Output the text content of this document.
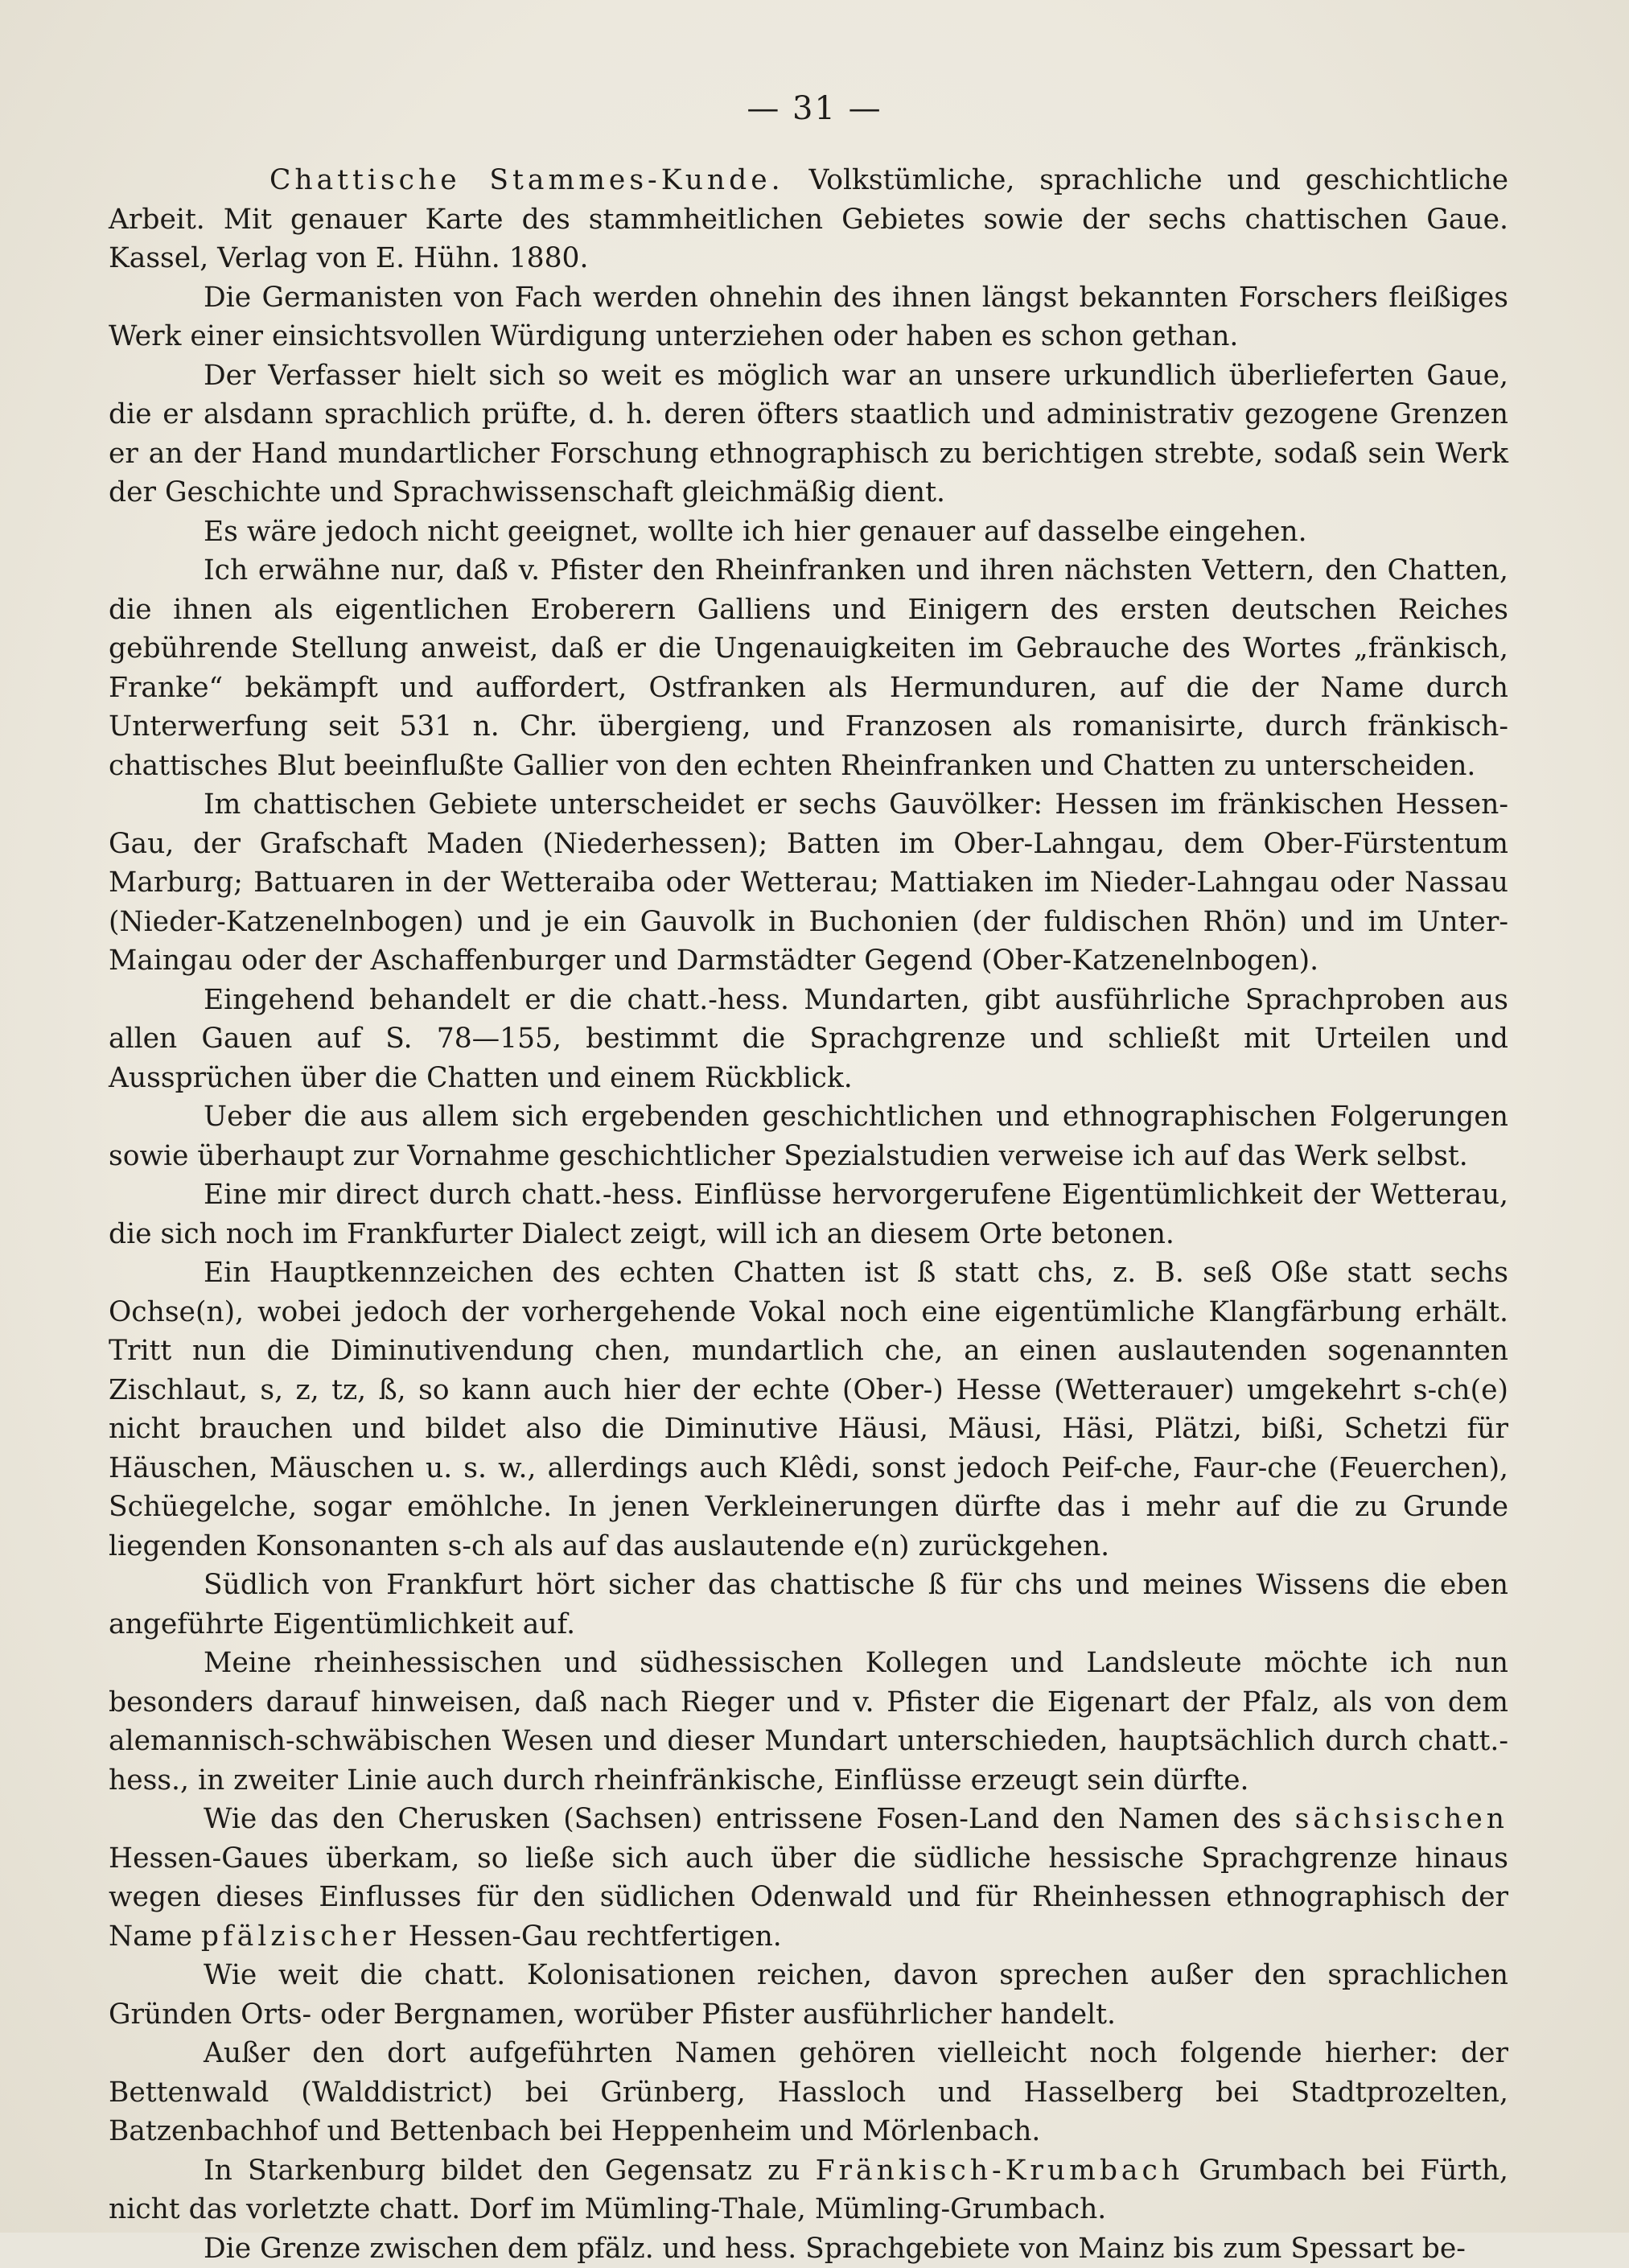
— 31 —

Chattische Stammes-Kunde. Volkstümliche, sprachliche und geschichtliche Arbeit. Mit genauer Karte des stammheitlichen Gebietes sowie der sechs chattischen Gaue. Kassel, Verlag von E. Hühn. 1880.

Die Germanisten von Fach werden ohnehin des ihnen längst bekannten Forschers fleißiges Werk einer einsichtsvollen Würdigung unterziehen oder haben es schon gethan.

Der Verfasser hielt sich so weit es möglich war an unsere urkundlich überlieferten Gaue, die er alsdann sprachlich prüfte, d. h. deren öfters staatlich und administrativ gezogene Grenzen er an der Hand mundartlicher Forschung ethnographisch zu berichtigen strebte, sodaß sein Werk der Geschichte und Sprachwissenschaft gleichmäßig dient.

Es wäre jedoch nicht geeignet, wollte ich hier genauer auf dasselbe eingehen.

Ich erwähne nur, daß v. Pfister den Rheinfranken und ihren nächsten Vettern, den Chatten, die ihnen als eigentlichen Eroberern Galliens und Einigern des ersten deutschen Reiches gebührende Stellung anweist, daß er die Ungenauigkeiten im Gebrauche des Wortes „fränkisch, Franke“ bekämpft und auffordert, Ostfranken als Hermunduren, auf die der Name durch Unterwerfung seit 531 n. Chr. übergieng, und Franzosen als romanisirte, durch fränkisch-chattisches Blut beeinflußte Gallier von den echten Rheinfranken und Chatten zu unterscheiden.

Im chattischen Gebiete unterscheidet er sechs Gauvölker: Hessen im fränkischen Hessen-Gau, der Grafschaft Maden (Niederhessen); Batten im Ober-Lahngau, dem Ober-Fürstentum Marburg; Battuaren in der Wetteraiba oder Wetterau; Mattiaken im Nieder-Lahngau oder Nassau (Nieder-Katzenelnbogen) und je ein Gauvolk in Buchonien (der fuldischen Rhön) und im Unter-Maingau oder der Aschaffenburger und Darmstädter Gegend (Ober-Katzenelnbogen).

Eingehend behandelt er die chatt.-hess. Mundarten, gibt ausführliche Sprachproben aus allen Gauen auf S. 78—155, bestimmt die Sprachgrenze und schließt mit Urteilen und Aussprüchen über die Chatten und einem Rückblick.

Ueber die aus allem sich ergebenden geschichtlichen und ethnographischen Folgerungen sowie überhaupt zur Vornahme geschichtlicher Spezialstudien verweise ich auf das Werk selbst.

Eine mir direct durch chatt.-hess. Einflüsse hervorgerufene Eigentümlichkeit der Wetterau, die sich noch im Frankfurter Dialect zeigt, will ich an diesem Orte betonen.

Ein Hauptkennzeichen des echten Chatten ist ß statt chs, z. B. seß Oße statt sechs Ochse(n), wobei jedoch der vorhergehende Vokal noch eine eigentümliche Klangfärbung erhält. Tritt nun die Diminutivendung chen, mundartlich che, an einen auslautenden sogenannten Zischlaut, s, z, tz, ß, so kann auch hier der echte (Ober-) Hesse (Wetterauer) umgekehrt s-ch(e) nicht brauchen und bildet also die Diminutive Häusi, Mäusi, Häsi, Plätzi, bißi, Schetzi für Häuschen, Mäuschen u. s. w., allerdings auch Klêdi, sonst jedoch Peif-che, Faur-che (Feuerchen), Schüegelche, sogar emöhlche. In jenen Verkleinerungen dürfte das i mehr auf die zu Grunde liegenden Konsonanten s-ch als auf das auslautende e(n) zurückgehen.

Südlich von Frankfurt hört sicher das chattische ß für chs und meines Wissens die eben angeführte Eigentümlichkeit auf.

Meine rheinhessischen und südhessischen Kollegen und Landsleute möchte ich nun besonders darauf hinweisen, daß nach Rieger und v. Pfister die Eigenart der Pfalz, als von dem alemannisch-schwäbischen Wesen und dieser Mundart unterschieden, hauptsächlich durch chatt.-hess., in zweiter Linie auch durch rheinfränkische, Einflüsse erzeugt sein dürfte.

Wie das den Cherusken (Sachsen) entrissene Fosen-Land den Namen des sächsischen Hessen-Gaues überkam, so ließe sich auch über die südliche hessische Sprachgrenze hinaus wegen dieses Einflusses für den südlichen Odenwald und für Rheinhessen ethnographisch der Name pfälzischer Hessen-Gau rechtfertigen.

Wie weit die chatt. Kolonisationen reichen, davon sprechen außer den sprachlichen Gründen Orts- oder Bergnamen, worüber Pfister ausführlicher handelt.

Außer den dort aufgeführten Namen gehören vielleicht noch folgende hierher: der Bettenwald (Walddistrict) bei Grünberg, Hassloch und Hasselberg bei Stadtprozelten, Batzenbachhof und Bettenbach bei Heppenheim und Mörlenbach.

In Starkenburg bildet den Gegensatz zu Fränkisch-Krumbach Grumbach bei Fürth, nicht das vorletzte chatt. Dorf im Mümling-Thale, Mümling-Grumbach.

Die Grenze zwischen dem pfälz. und hess. Sprachgebiete von Mainz bis zum Spessart be-
